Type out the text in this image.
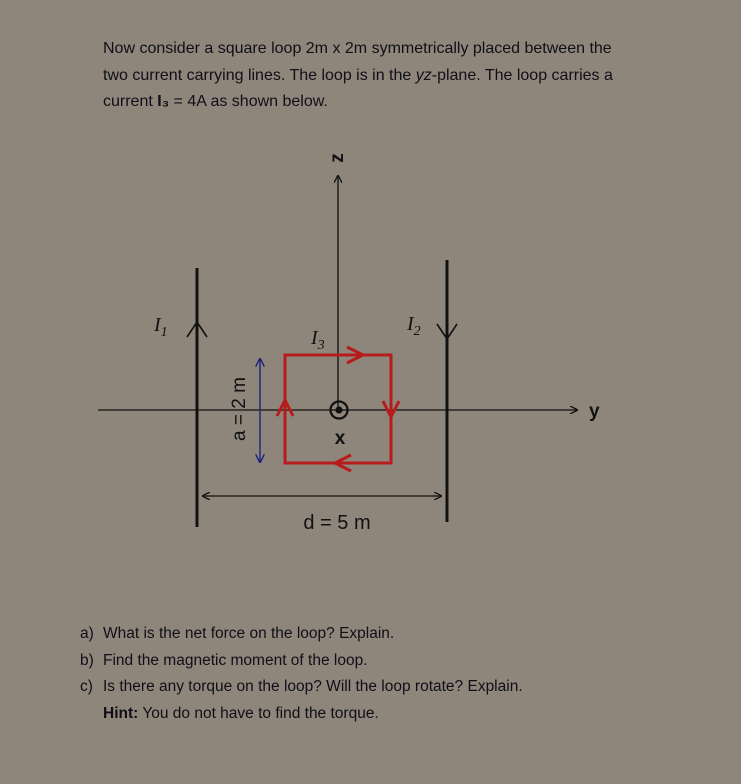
Now consider a square loop 2m x 2m symmetrically placed between the

two current carrying lines. The loop is in the yz-plane. The loop carries a

current I₃ = 4A as shown below.

y
z
$I_1$	$I_2$
$I_3$
x
a = 2 m
d = 5 m
a) What is the net force on the loop? Explain.
b) Find the magnetic moment of the loop.
c) Is there any torque on the loop? Will the loop rotate? Explain.
Hint: You do not have to find the torque.
